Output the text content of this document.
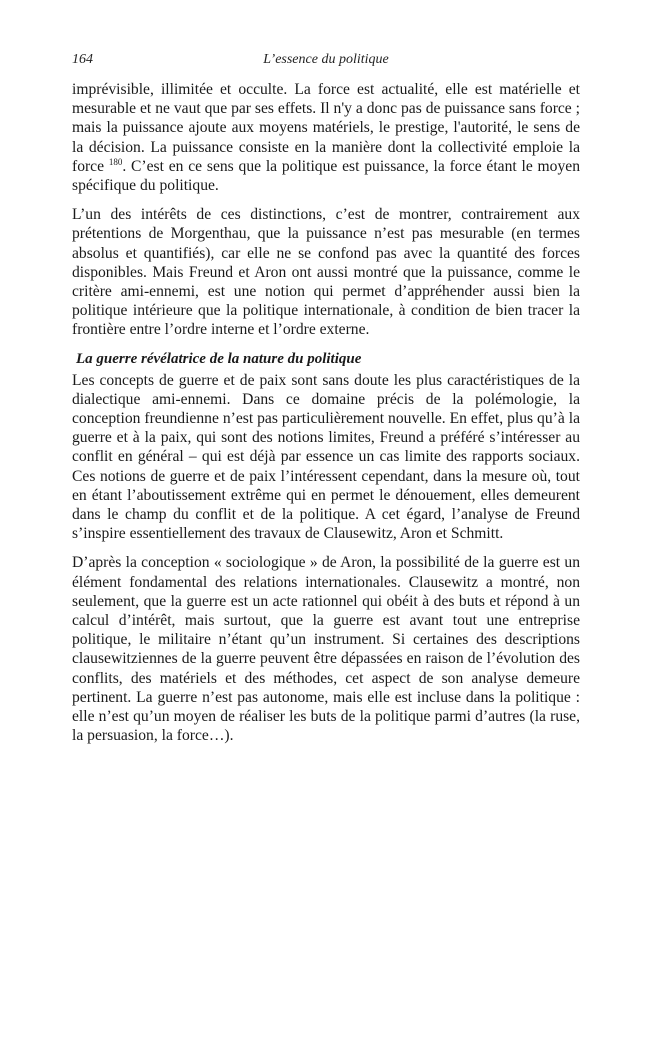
164	L’essence du politique

imprévisible, illimitée et occulte. La force est actualité, elle est matérielle et mesurable et ne vaut que par ses effets. Il n'y a donc pas de puissance sans force ; mais la puissance ajoute aux moyens matériels, le prestige, l'autorité, le sens de la décision. La puissance consiste en la manière dont la collectivité emploie la force $^{180}$. C’est en ce sens que la politique est puissance, la force étant le moyen spécifique du politique.

L’un des intérêts de ces distinctions, c’est de montrer, contrairement aux prétentions de Morgenthau, que la puissance n’est pas mesurable (en termes absolus et quantifiés), car elle ne se confond pas avec la quantité des forces disponibles. Mais Freund et Aron ont aussi montré que la puissance, comme le critère ami-ennemi, est une notion qui permet d’appréhender aussi bien la politique intérieure que la politique internationale, à condition de bien tracer la frontière entre l’ordre interne et l’ordre externe.

La guerre révélatrice de la nature du politique

Les concepts de guerre et de paix sont sans doute les plus caractéristiques de la dialectique ami-ennemi. Dans ce domaine précis de la polémologie, la conception freundienne n’est pas particulièrement nouvelle. En effet, plus qu’à la guerre et à la paix, qui sont des notions limites, Freund a préféré s’intéresser au conflit en général – qui est déjà par essence un cas limite des rapports sociaux. Ces notions de guerre et de paix l’intéressent cependant, dans la mesure où, tout en étant l’aboutissement extrême qui en permet le dénouement, elles demeurent dans le champ du conflit et de la politique. A cet égard, l’analyse de Freund s’inspire essentiellement des travaux de Clausewitz, Aron et Schmitt.

D’après la conception « sociologique » de Aron, la possibilité de la guerre est un élément fondamental des relations internationales. Clausewitz a montré, non seulement, que la guerre est un acte rationnel qui obéit à des buts et répond à un calcul d’intérêt, mais surtout, que la guerre est avant tout une entreprise politique, le militaire n’étant qu’un instrument. Si certaines des descriptions clausewitziennes de la guerre peuvent être dépassées en raison de l’évolution des conflits, des matériels et des méthodes, cet aspect de son analyse demeure pertinent. La guerre n’est pas autonome, mais elle est incluse dans la politique : elle n’est qu’un moyen de réaliser les buts de la politique parmi d’autres (la ruse, la persuasion, la force…).
